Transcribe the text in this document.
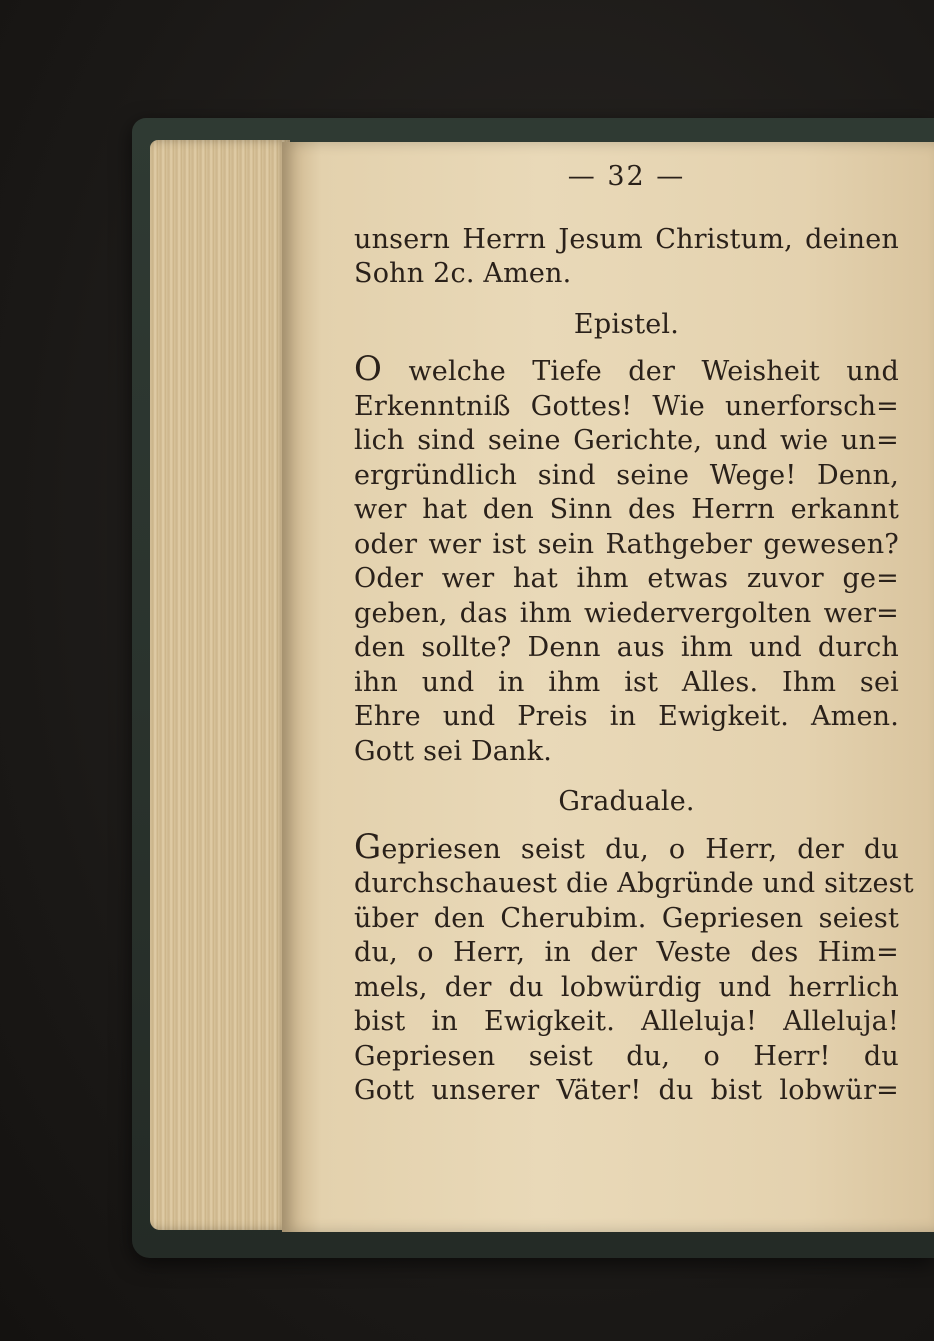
— 32 —
unsern Herrn Jesum Christum, deinen
Sohn 2c. Amen.
Epistel.
O welche Tiefe der Weisheit und
Erkenntniß Gottes! Wie unerforsch=
lich sind seine Gerichte, und wie un=
ergründlich sind seine Wege! Denn,
wer hat den Sinn des Herrn erkannt
oder wer ist sein Rathgeber gewesen?
Oder wer hat ihm etwas zuvor ge=
geben, das ihm wiedervergolten wer=
den sollte? Denn aus ihm und durch
ihn und in ihm ist Alles. Ihm sei
Ehre und Preis in Ewigkeit. Amen.
Gott sei Dank.
Graduale.
Gepriesen seist du, o Herr, der du
durchschauest die Abgründe und sitzest
über den Cherubim. Gepriesen seiest
du, o Herr, in der Veste des Him=
mels, der du lobwürdig und herrlich
bist in Ewigkeit. Alleluja! Alleluja!
Gepriesen seist du, o Herr! du
Gott unserer Väter! du bist lobwür=
